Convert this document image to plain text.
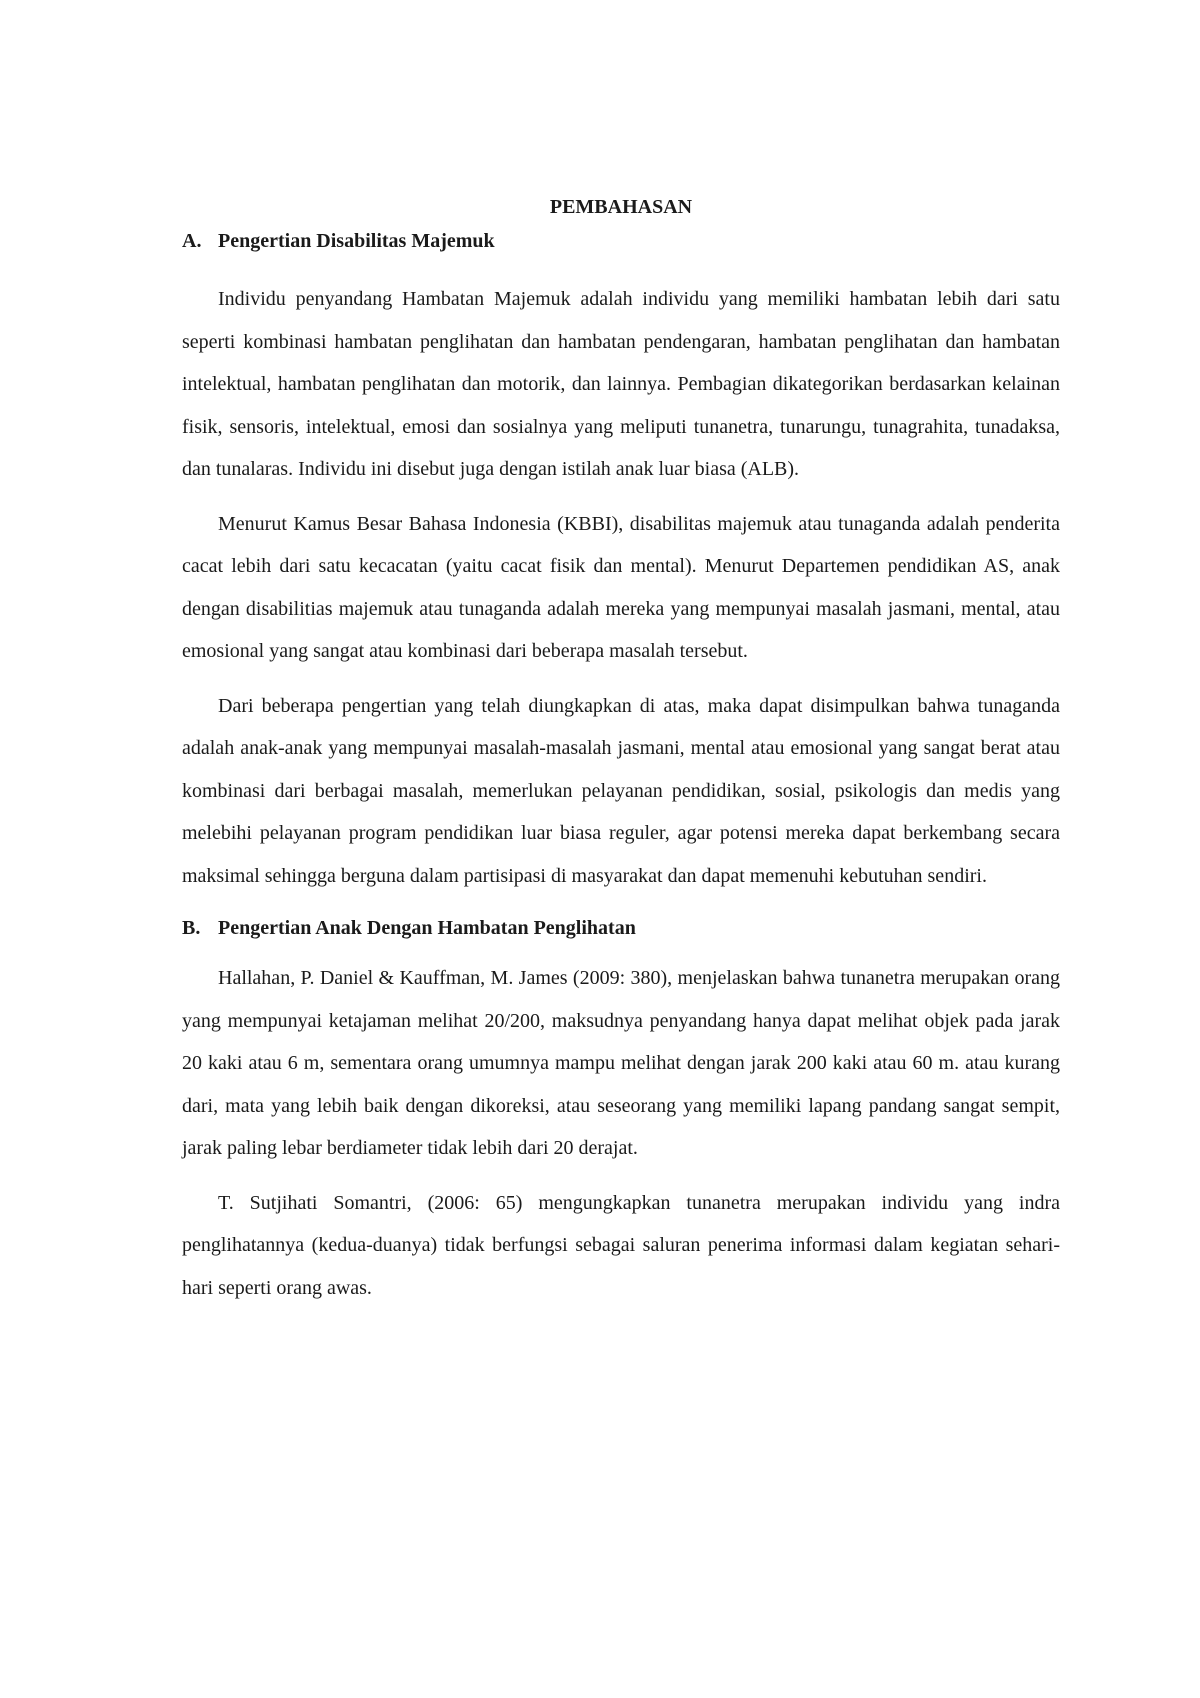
PEMBAHASAN
A. Pengertian Disabilitas Majemuk

Individu penyandang Hambatan Majemuk adalah individu yang memiliki hambatan lebih dari satu seperti kombinasi hambatan penglihatan dan hambatan pendengaran, hambatan penglihatan dan hambatan intelektual, hambatan penglihatan dan motorik, dan lainnya. Pembagian dikategorikan berdasarkan kelainan fisik, sensoris, intelektual, emosi dan sosialnya yang meliputi tunanetra, tunarungu, tunagrahita, tunadaksa, dan tunalaras. Individu ini disebut juga dengan istilah anak luar biasa (ALB).

Menurut Kamus Besar Bahasa Indonesia (KBBI), disabilitas majemuk atau tunaganda adalah penderita cacat lebih dari satu kecacatan (yaitu cacat fisik dan mental). Menurut Departemen pendidikan AS, anak dengan disabilitias majemuk atau tunaganda adalah mereka yang mempunyai masalah jasmani, mental, atau emosional yang sangat atau kombinasi dari beberapa masalah tersebut.

Dari beberapa pengertian yang telah diungkapkan di atas, maka dapat disimpulkan bahwa tunaganda adalah anak-anak yang mempunyai masalah-masalah jasmani, mental atau emosional yang sangat berat atau kombinasi dari berbagai masalah, memerlukan pelayanan pendidikan, sosial, psikologis dan medis yang melebihi pelayanan program pendidikan luar biasa reguler, agar potensi mereka dapat berkembang secara maksimal sehingga berguna dalam partisipasi di masyarakat dan dapat memenuhi kebutuhan sendiri.

B. Pengertian Anak Dengan Hambatan Penglihatan

Hallahan, P. Daniel & Kauffman, M. James (2009: 380), menjelaskan bahwa tunanetra merupakan orang yang mempunyai ketajaman melihat 20/200, maksudnya penyandang hanya dapat melihat objek pada jarak 20 kaki atau 6 m, sementara orang umumnya mampu melihat dengan jarak 200 kaki atau 60 m. atau kurang dari, mata yang lebih baik dengan dikoreksi, atau seseorang yang memiliki lapang pandang sangat sempit, jarak paling lebar berdiameter tidak lebih dari 20 derajat.

T. Sutjihati Somantri, (2006: 65) mengungkapkan tunanetra merupakan individu yang indra penglihatannya (kedua-duanya) tidak berfungsi sebagai saluran penerima informasi dalam kegiatan sehari-hari seperti orang awas.
